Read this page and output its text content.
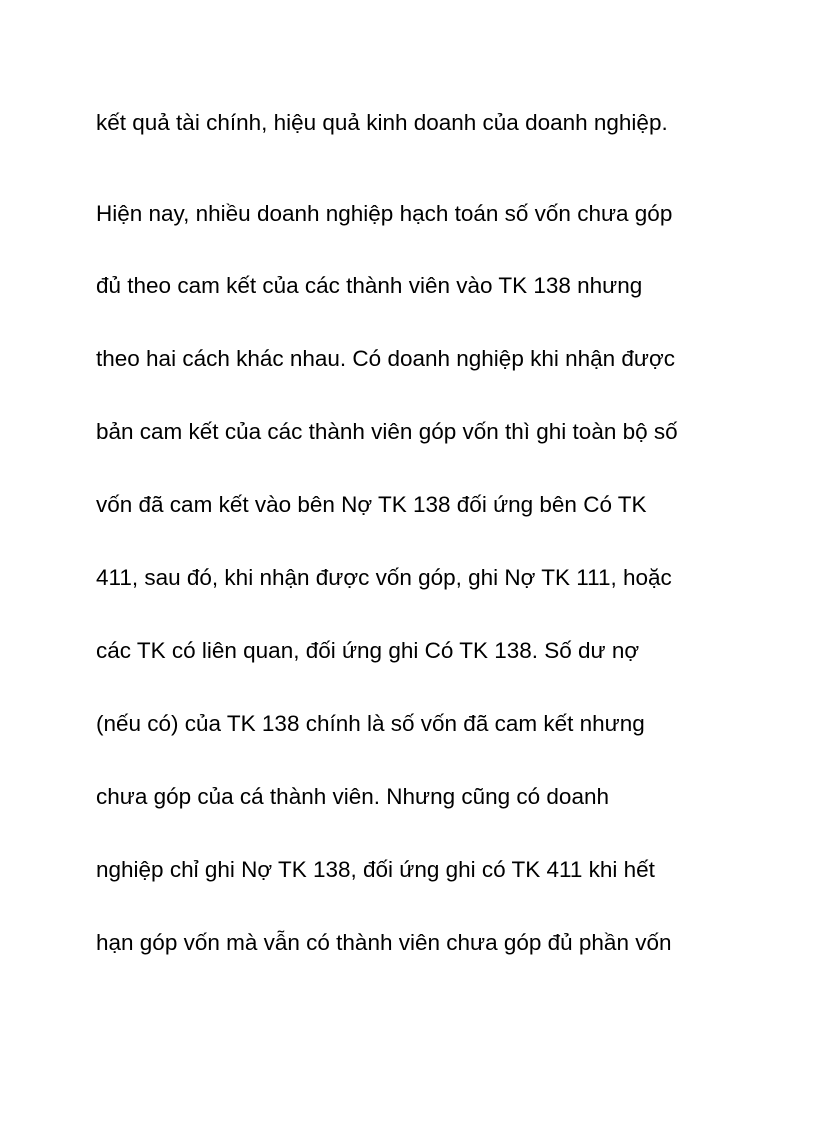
kết quả tài chính, hiệu quả kinh doanh của doanh nghiệp.

Hiện nay, nhiều doanh nghiệp hạch toán số vốn chưa góp

đủ theo cam kết của các thành viên vào TK 138 nhưng

theo hai cách khác nhau. Có doanh nghiệp khi nhận được

bản cam kết của các thành viên góp vốn thì ghi toàn bộ số

vốn đã cam kết vào bên Nợ TK 138 đối ứng bên Có TK

411, sau đó, khi nhận được vốn góp, ghi Nợ TK 111, hoặc

các TK có liên quan, đối ứng ghi Có TK 138. Số dư nợ

(nếu có) của TK 138 chính là số vốn đã cam kết nhưng

chưa góp của cá thành viên. Nhưng cũng có doanh

nghiệp chỉ ghi Nợ TK 138, đối ứng ghi có TK 411 khi hết

hạn góp vốn mà vẫn có thành viên chưa góp đủ phần vốn
